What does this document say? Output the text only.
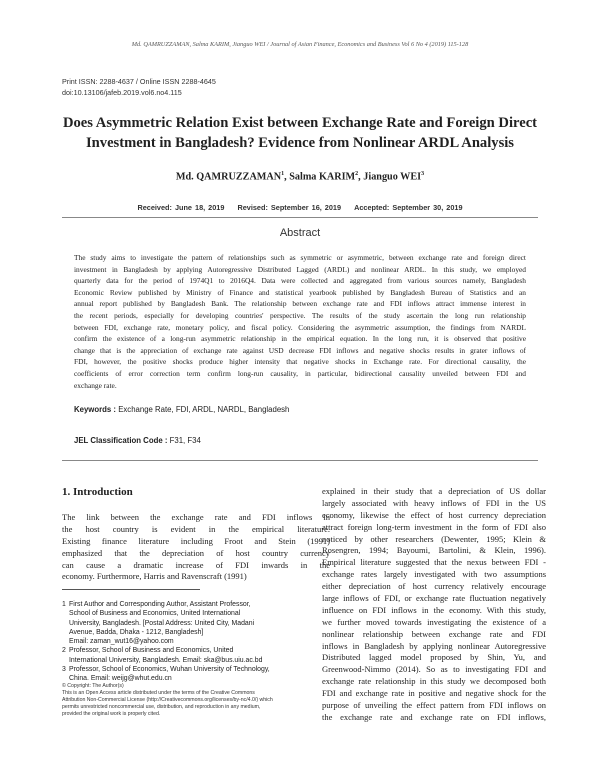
Md. QAMRUZZAMAN, Salma KARIM, Jianguo WEI / Journal of Asian Finance, Economics and Business Vol 6 No 4 (2019) 115-128
Print ISSN: 2288-4637 / Online ISSN 2288-4645
doi:10.13106/jafeb.2019.vol6.no4.115
Does Asymmetric Relation Exist between Exchange Rate and Foreign Direct
Investment in Bangladesh? Evidence from Nonlinear ARDL Analysis
Md. QAMRUZZAMAN$^1$, Salma KARIM$^2$, Jianguo WEI$^3$
Received: June 18, 2019 Revised: September 16, 2019 Accepted: September 30, 2019
Abstract
The study aims to investigate the pattern of relationships such as symmetric or asymmetric, between exchange rate and foreign direct
investment in Bangladesh by applying Autoregressive Distributed Lagged (ARDL) and nonlinear ARDL. In this study, we employed
quarterly data for the period of 1974Q1 to 2016Q4. Data were collected and aggregated from various sources namely, Bangladesh
Economic Review published by Ministry of Finance and statistical yearbook published by Bangladesh Bureau of Statistics and an
annual report published by Bangladesh Bank. The relationship between exchange rate and FDI inflows attract immense interest in
the recent periods, especially for developing countries' perspective. The results of the study ascertain the long run relationship
between FDI, exchange rate, monetary policy, and fiscal policy. Considering the asymmetric assumption, the findings from NARDL
confirm the existence of a long-run asymmetric relationship in the empirical equation. In the long run, it is observed that positive
change that is the appreciation of exchange rate against USD decrease FDI inflows and negative shocks results in grater inflows of
FDI, however, the positive shocks produce higher intensity that negative shocks in Exchange rate. For directional causality, the
coefficients of error correction term confirm long-run causality, in particular, bidirectional causality unveiled between FDI and
exchange rate.
Keywords : Exchange Rate, FDI, ARDL, NARDL, Bangladesh
JEL Classification Code : F31, F34
1. Introduction
The link between the exchange rate and FDI inflows in
the host country is evident in the empirical literature.
Existing finance literature including Froot and Stein (1991)
emphasized that the depreciation of host country currency
can cause a dramatic increase of FDI inwards in the
economy. Furthermore, Harris and Ravenscraft (1991)
explained in their study that a depreciation of US dollar
largely associated with heavy inflows of FDI in the US
economy, likewise the effect of host currency depreciation
attract foreign long-term investment in the form of FDI also
noticed by other researchers (Dewenter, 1995; Klein &
Rosengren, 1994; Bayoumi, Bartolini, & Klein, 1996).
Empirical literature suggested that the nexus between FDI -
exchange rates largely investigated with two assumptions
either depreciation of host currency relatively encourage
large inflows of FDI, or exchange rate fluctuation negatively
influence on FDI inflows in the economy. With this study,
we further moved towards investigating the existence of a
nonlinear relationship between exchange rate and FDI
inflows in Bangladesh by applying nonlinear Autoregressive
Distributed lagged model proposed by Shin, Yu, and
Greenwood-Nimmo (2014). So as to investigating FDI and
exchange rate relationship in this study we decomposed both
FDI and exchange rate in positive and negative shock for the
purpose of unveiling the effect pattern from FDI inflows on
the exchange rate and exchange rate on FDI inflows,
1 First Author and Corresponding Author, Assistant Professor,
School of Business and Economics, United International
University, Bangladesh. [Postal Address: United City, Madani
Avenue, Badda, Dhaka - 1212, Bangladesh]
Email: zaman_wut16@yahoo.com
2 Professor, School of Business and Economics, United
International University, Bangladesh. Email: ska@bus.uiu.ac.bd
3 Professor, School of Economics, Wuhan University of Technology,
China. Email: weijg@whut.edu.cn
© Copyright: The Author(s)
This is an Open Access article distributed under the terms of the Creative Commons
Attribution Non-Commercial License (http://Creativecommons.org/licenses/by-nc/4.0/) which
permits unrestricted noncommercial use, distribution, and reproduction in any medium,
provided the original work is properly cited.
